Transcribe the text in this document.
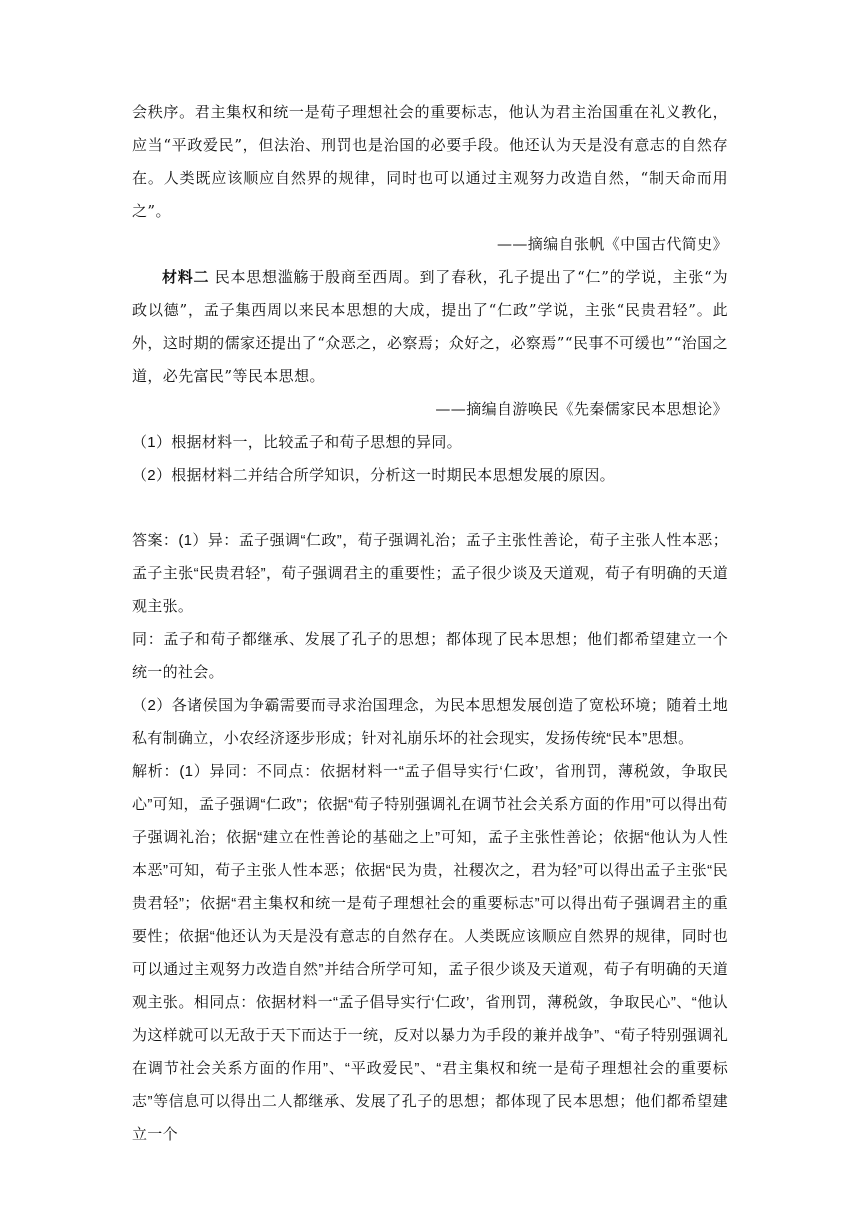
会秩序。君主集权和统一是荀子理想社会的重要标志，他认为君主治国重在礼义教化，应当“平政爱民”，但法治、刑罚也是治国的必要手段。他还认为天是没有意志的自然存在。人类既应该顺应自然界的规律，同时也可以通过主观努力改造自然，“制天命而用之”。

——摘编自张帆《中国古代简史》

材料二 民本思想滥觞于殷商至西周。到了春秋，孔子提出了“仁”的学说，主张“为政以德”，孟子集西周以来民本思想的大成，提出了“仁政”学说，主张“民贵君轻”。此外，这时期的儒家还提出了“众恶之，必察焉；众好之，必察焉”“民事不可缓也”“治国之道，必先富民”等民本思想。

——摘编自游唤民《先秦儒家民本思想论》

（1）根据材料一，比较孟子和荀子思想的异同。

（2）根据材料二并结合所学知识，分析这一时期民本思想发展的原因。

答案：(1）异：孟子强调“仁政”，荀子强调礼治；孟子主张性善论，荀子主张人性本恶；孟子主张“民贵君轻”，荀子强调君主的重要性；孟子很少谈及天道观，荀子有明确的天道观主张。

同：孟子和荀子都继承、发展了孔子的思想；都体现了民本思想；他们都希望建立一个统一的社会。

（2）各诸侯国为争霸需要而寻求治国理念，为民本思想发展创造了宽松环境；随着土地私有制确立，小农经济逐步形成；针对礼崩乐坏的社会现实，发扬传统“民本”思想。

解析：(1）异同：不同点：依据材料一“孟子倡导实行‘仁政’，省刑罚，薄税敛，争取民心”可知，孟子强调“仁政”；依据“荀子特别强调礼在调节社会关系方面的作用”可以得出荀子强调礼治；依据“建立在性善论的基础之上”可知，孟子主张性善论；依据“他认为人性本恶”可知，荀子主张人性本恶；依据“民为贵，社稷次之，君为轻”可以得出孟子主张“民贵君轻”；依据“君主集权和统一是荀子理想社会的重要标志”可以得出荀子强调君主的重要性；依据“他还认为天是没有意志的自然存在。人类既应该顺应自然界的规律，同时也可以通过主观努力改造自然”并结合所学可知，孟子很少谈及天道观，荀子有明确的天道观主张。相同点：依据材料一“孟子倡导实行‘仁政’，省刑罚，薄税敛，争取民心”、“他认为这样就可以无敌于天下而达于一统，反对以暴力为手段的兼并战争”、“荀子特别强调礼在调节社会关系方面的作用”、“平政爱民”、“君主集权和统一是荀子理想社会的重要标志”等信息可以得出二人都继承、发展了孔子的思想；都体现了民本思想；他们都希望建立一个
